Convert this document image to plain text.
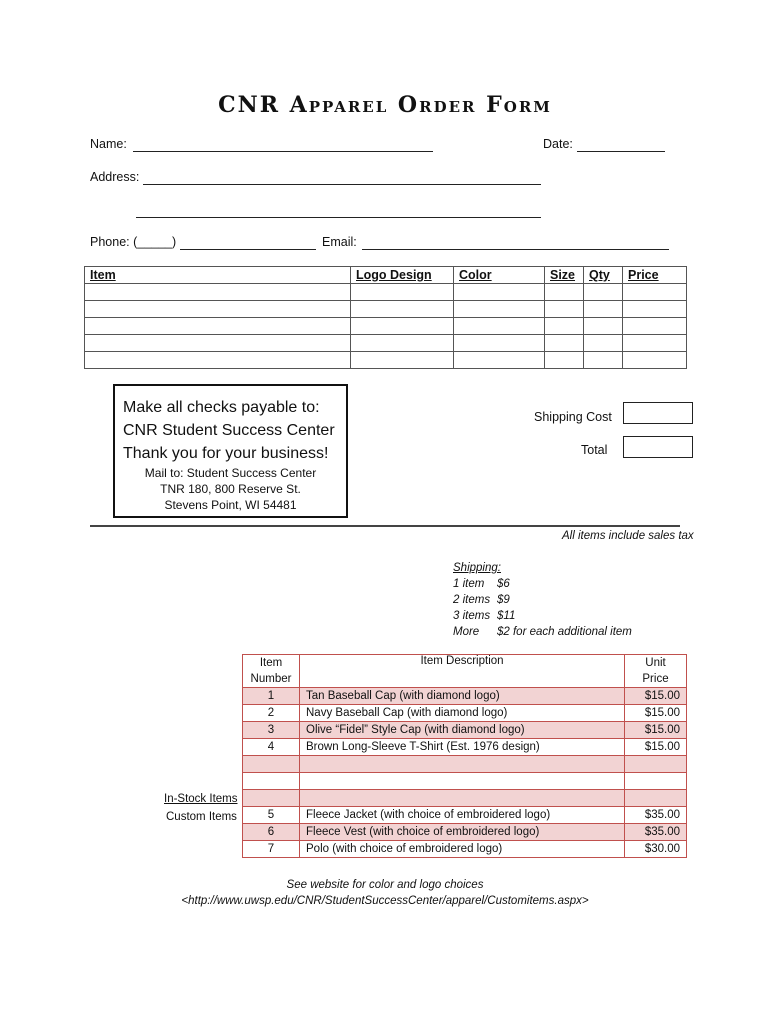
CNR Apparel Order Form
Name:	Date:
Address:
Phone: (_____)	Email:
Item	Logo Design	Color	Size	Qty	Price

Make all checks payable to:
CNR Student Success Center
Thank you for your business!
Mail to: Student Success Center
TNR 180, 800 Reserve St.
Stevens Point, WI 54481
Shipping Cost
Total
All items include sales tax
Shipping:
1 item $6
2 items $9
3 items $11
More $2 for each additional item
In-Stock Items
Custom Items
Item
Number	Item Description	Unit
Price
1	Tan Baseball Cap (with diamond logo)	$15.00
2	Navy Baseball Cap (with diamond logo)	$15.00
3	Olive “Fidel” Style Cap (with diamond logo)	$15.00
4	Brown Long-Sleeve T-Shirt (Est. 1976 design)	$15.00

5	Fleece Jacket (with choice of embroidered logo)	$35.00
6	Fleece Vest (with choice of embroidered logo)	$35.00
7	Polo (with choice of embroidered logo)	$30.00
See website for color and logo choices
<http://www.uwsp.edu/CNR/StudentSuccessCenter/apparel/Customitems.aspx>
